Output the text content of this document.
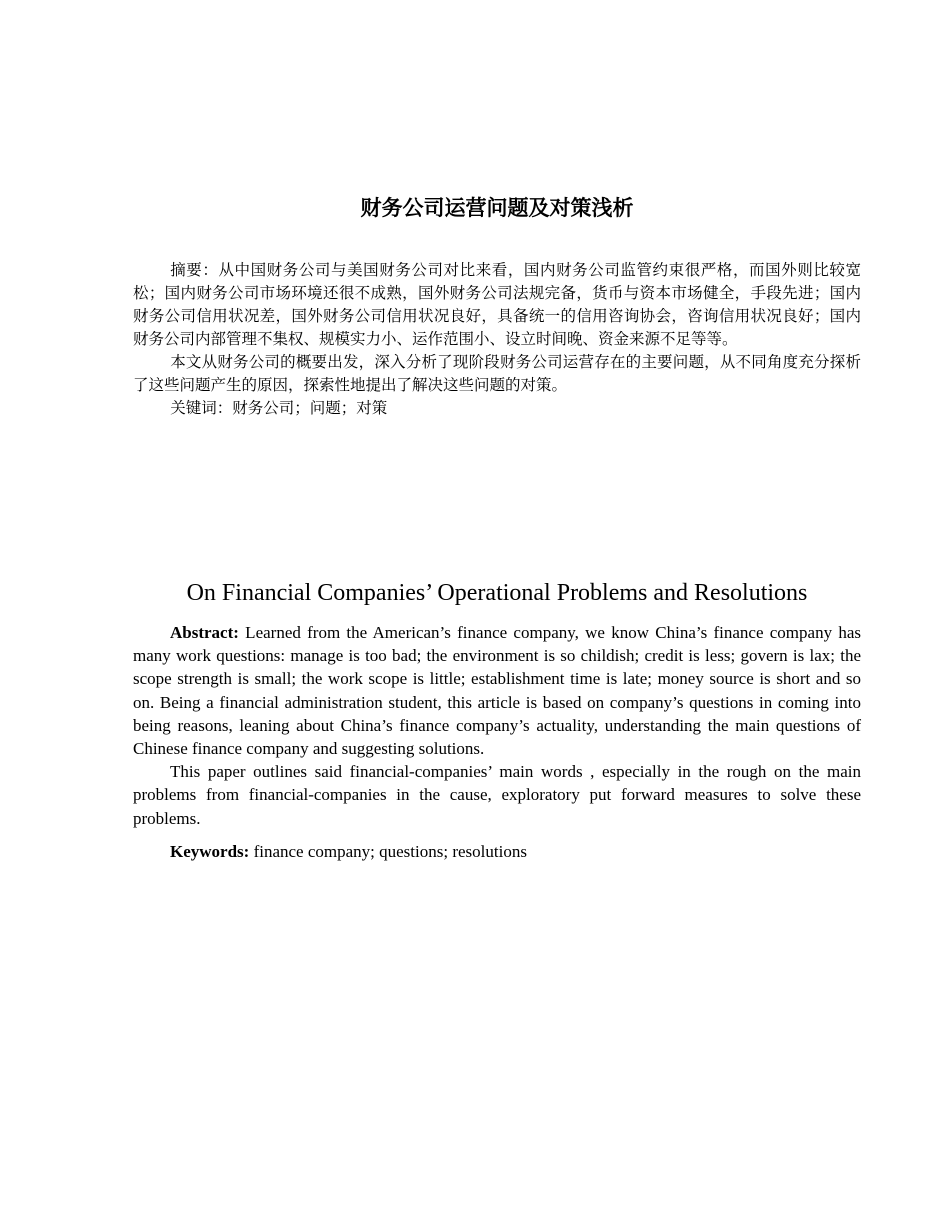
财务公司运营问题及对策浅析

摘要：从中国财务公司与美国财务公司对比来看，国内财务公司监管约束很严格，而国外则比较宽松；国内财务公司市场环境还很不成熟，国外财务公司法规完备，货币与资本市场健全，手段先进；国内财务公司信用状况差，国外财务公司信用状况良好，具备统一的信用咨询协会，咨询信用状况良好；国内财务公司内部管理不集权、规模实力小、运作范围小、设立时间晚、资金来源不足等等。

本文从财务公司的概要出发，深入分析了现阶段财务公司运营存在的主要问题，从不同角度充分探析了这些问题产生的原因，探索性地提出了解决这些问题的对策。

关键词：财务公司；问题；对策

On Financial Companies’ Operational Problems and Resolutions

Abstract: Learned from the American’s finance company, we know China’s finance company has many work questions: manage is too bad; the environment is so childish; credit is less; govern is lax; the scope strength is small; the work scope is little; establishment time is late; money source is short and so on. Being a financial administration student, this article is based on company’s questions in coming into being reasons, leaning about China’s finance company’s actuality, understanding the main questions of Chinese finance company and suggesting solutions.

This paper outlines said financial-companies’ main words , especially in the rough on the main problems from financial-companies in the cause, exploratory put forward measures to solve these problems.

Keywords: finance company; questions; resolutions
